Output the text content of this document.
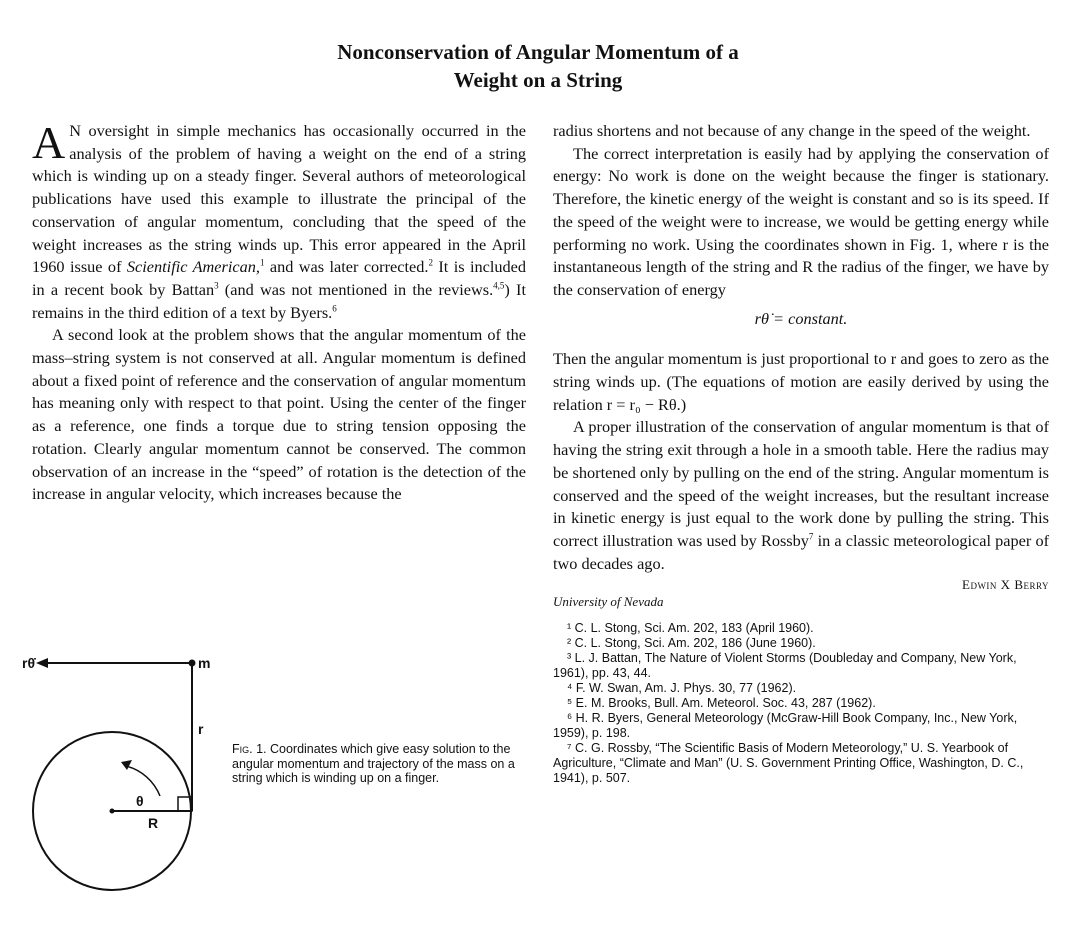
Nonconservation of Angular Momentum of a
Weight on a String

A N oversight in simple mechanics has occasionally occurred in the analysis of the problem of having a weight on the end of a string which is winding up on a steady finger. Several authors of meteorological publications have used this example to illustrate the principal of the conservation of angular momentum, concluding that the speed of the weight increases as the string winds up. This error appeared in the April 1960 issue of Scientific American,$^1$ and was later corrected.$^2$ It is included in a recent book by Battan$^3$ (and was not mentioned in the reviews.$^{4,5}$) It remains in the third edition of a text by Byers.$^6$

A second look at the problem shows that the angular momentum of the mass–string system is not conserved at all. Angular momentum is defined about a fixed point of reference and the conservation of angular momentum has meaning only with respect to that point. Using the center of the finger as a reference, one finds a torque due to string tension opposing the rotation. Clearly angular momentum cannot be conserved. The common observation of an increase in the “speed” of rotation is the detection of the increase in angular velocity, which increases because the

radius shortens and not because of any change in the speed of the weight.

The correct interpretation is easily had by applying the conservation of energy: No work is done on the weight because the finger is stationary. Therefore, the kinetic energy of the weight is constant and so is its speed. If the speed of the weight were to increase, we would be getting energy while performing no work. Using the coordinates shown in Fig. 1, where r is the instantaneous length of the string and R the radius of the finger, we have by the conservation of energy

rθ̇ = constant.

Then the angular momentum is just proportional to r and goes to zero as the string winds up. (The equations of motion are easily derived by using the relation r = r₀ − Rθ.)

A proper illustration of the conservation of angular momentum is that of having the string exit through a hole in a smooth table. Here the radius may be shortened only by pulling on the end of the string. Angular momentum is conserved and the speed of the weight increases, but the resultant increase in kinetic energy is just equal to the work done by pulling the string. This correct illustration was used by Rossby$^7$ in a classic meteorological paper of two decades ago.

Edwin X Berry
University of Nevada
¹ C. L. Stong, Sci. Am. 202, 183 (April 1960).
² C. L. Stong, Sci. Am. 202, 186 (June 1960).
³ L. J. Battan, The Nature of Violent Storms (Doubleday and Company, New York, 1961), pp. 43, 44.
⁴ F. W. Swan, Am. J. Phys. 30, 77 (1962).
⁵ E. M. Brooks, Bull. Am. Meteorol. Soc. 43, 287 (1962).
⁶ H. R. Byers, General Meteorology (McGraw-Hill Book Company, Inc., New York, 1959), p. 198.
⁷ C. G. Rossby, “The Scientific Basis of Modern Meteorology,” U. S. Yearbook of Agriculture, “Climate and Man” (U. S. Government Printing Office, Washington, D. C., 1941), p. 507.
rθ̇	m
r
θ
R
Fig. 1. Coordinates which give easy solution to the angular momentum and trajectory of the mass on a string which is winding up on a finger.
